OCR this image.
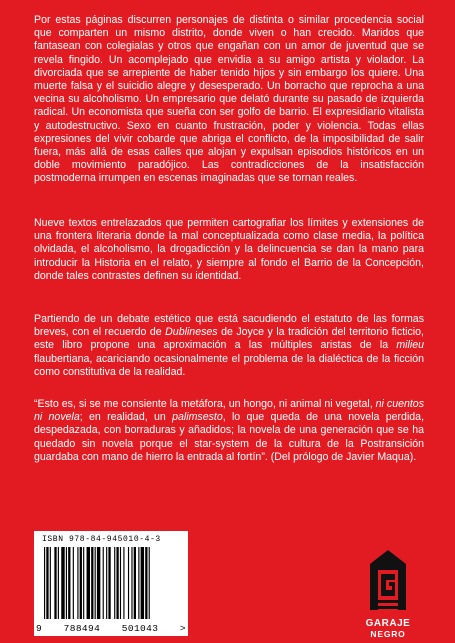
Por estas páginas discurren personajes de distinta o similar procedencia social que comparten un mismo distrito, donde viven o han crecido. Maridos que fantasean con colegialas y otros que engañan con un amor de juventud que se revela fingido. Un acomplejado que envidia a su amigo artista y violador. La divorciada que se arrepiente de haber tenido hijos y sin embargo los quiere. Una muerte falsa y el suicidio alegre y desesperado. Un borracho que reprocha a una vecina su alcoholismo. Un empresario que delató durante su pasado de izquierda radical. Un economista que sueña con ser golfo de barrio. El expresidiario vitalista y autodestructivo. Sexo en cuanto frustración, poder y violencia. Todas ellas expresiones del vivir cobarde que abriga el conflicto, de la imposibilidad de salir fuera, más allá de esas calles que alojan y expulsan episodios históricos en un doble movimiento paradójico. Las contradicciones de la insatisfacción postmoderna irrumpen en escenas imaginadas que se tornan reales.

Nueve textos entrelazados que permiten cartografiar los límites y extensiones de una frontera literaria donde la mal conceptualizada como clase media, la política olvidada, el alcoholismo, la drogadicción y la delincuencia se dan la mano para introducir la Historia en el relato, y siempre al fondo el Barrio de la Concepción, donde tales contrastes definen su identidad.

Partiendo de un debate estético que está sacudiendo el estatuto de las formas breves, con el recuerdo de Dublineses de Joyce y la tradición del territorio ficticio, este libro propone una aproximación a las múltiples aristas de la milieu flaubertiana, acariciando ocasionalmente el problema de la dialéctica de la ficción como constitutiva de la realidad.

“Esto es, si se me consiente la metáfora, un hongo, ni animal ni vegetal, ni cuentos ni novela; en realidad, un palimsesto, lo que queda de una novela perdida, despedazada, con borraduras y añadidos; la novela de una generación que se ha quedado sin novela porque el star-system de la cultura de la Postransición guardaba con mano de hierro la entrada al fortín”. (Del prólogo de Javier Maqua).

ISBN 978-84-945010-4-3
9 788494 501043 >	GARAJE
NEGRO
